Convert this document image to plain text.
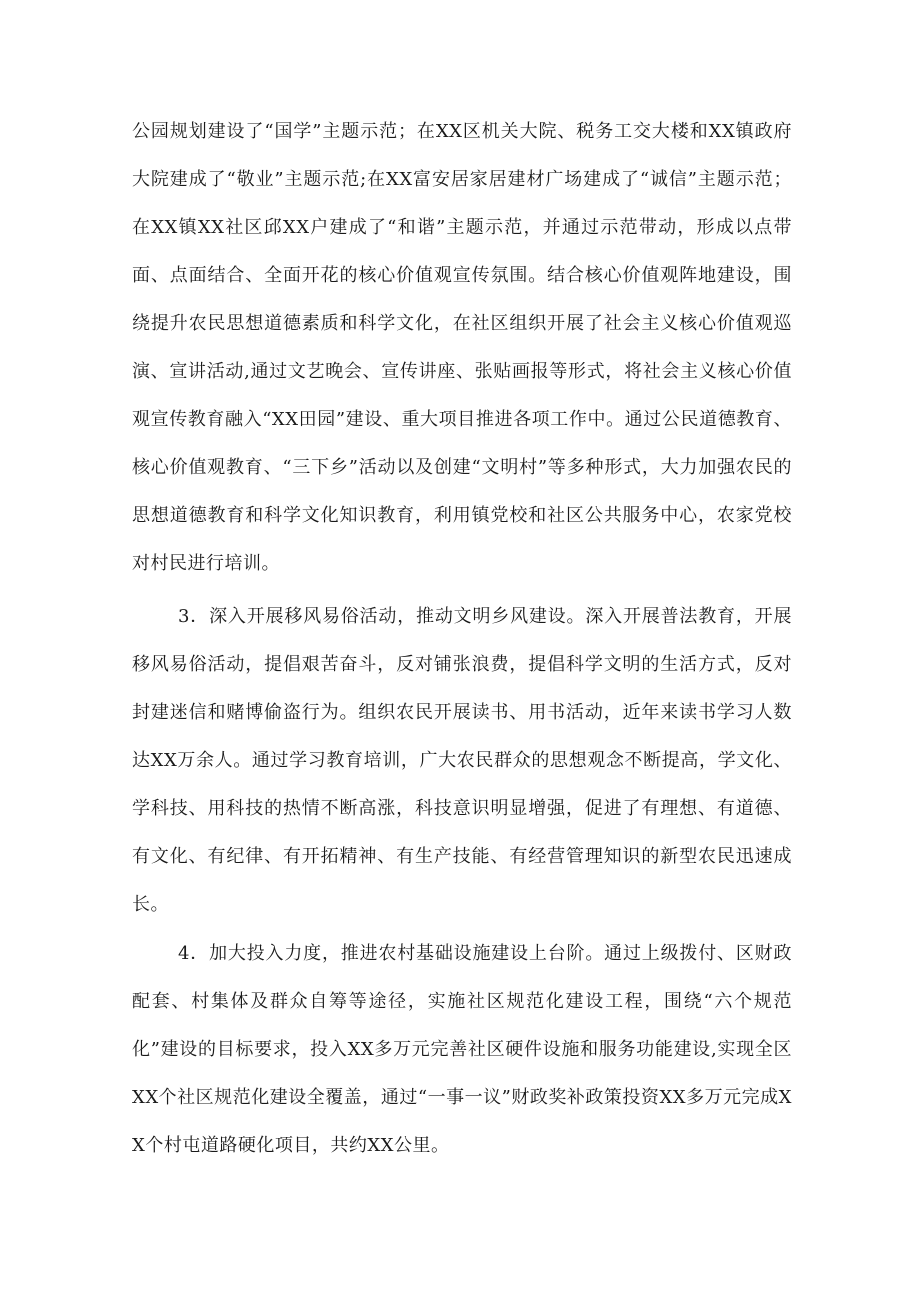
公园规划建设了“国学”主题示范；在XX区机关大院、税务工交大楼和XX镇政府大院建成了“敬业”主题示范;在XX富安居家居建材广场建成了“诚信”主题示范；在XX镇XX社区邱XX户建成了“和谐”主题示范，并通过示范带动，形成以点带面、点面结合、全面开花的核心价值观宣传氛围。结合核心价值观阵地建设，围绕提升农民思想道德素质和科学文化，在社区组织开展了社会主义核心价值观巡演、宣讲活动,通过文艺晚会、宣传讲座、张贴画报等形式，将社会主义核心价值观宣传教育融入“XX田园”建设、重大项目推进各项工作中。通过公民道德教育、核心价值观教育、“三下乡”活动以及创建“文明村”等多种形式，大力加强农民的思想道德教育和科学文化知识教育，利用镇党校和社区公共服务中心，农家党校对村民进行培训。

3．深入开展移风易俗活动，推动文明乡风建设。深入开展普法教育，开展移风易俗活动，提倡艰苦奋斗，反对铺张浪费，提倡科学文明的生活方式，反对封建迷信和赌博偷盗行为。组织农民开展读书、用书活动，近年来读书学习人数达XX万余人。通过学习教育培训，广大农民群众的思想观念不断提高，学文化、学科技、用科技的热情不断高涨，科技意识明显增强，促进了有理想、有道德、有文化、有纪律、有开拓精神、有生产技能、有经营管理知识的新型农民迅速成长。

4．加大投入力度，推进农村基础设施建设上台阶。通过上级拨付、区财政配套、村集体及群众自筹等途径，实施社区规范化建设工程，围绕“六个规范化”建设的目标要求，投入XX多万元完善社区硬件设施和服务功能建设,实现全区XX个社区规范化建设全覆盖，通过“一事一议”财政奖补政策投资XX多万元完成XX个村屯道路硬化项目，共约XX公里。
